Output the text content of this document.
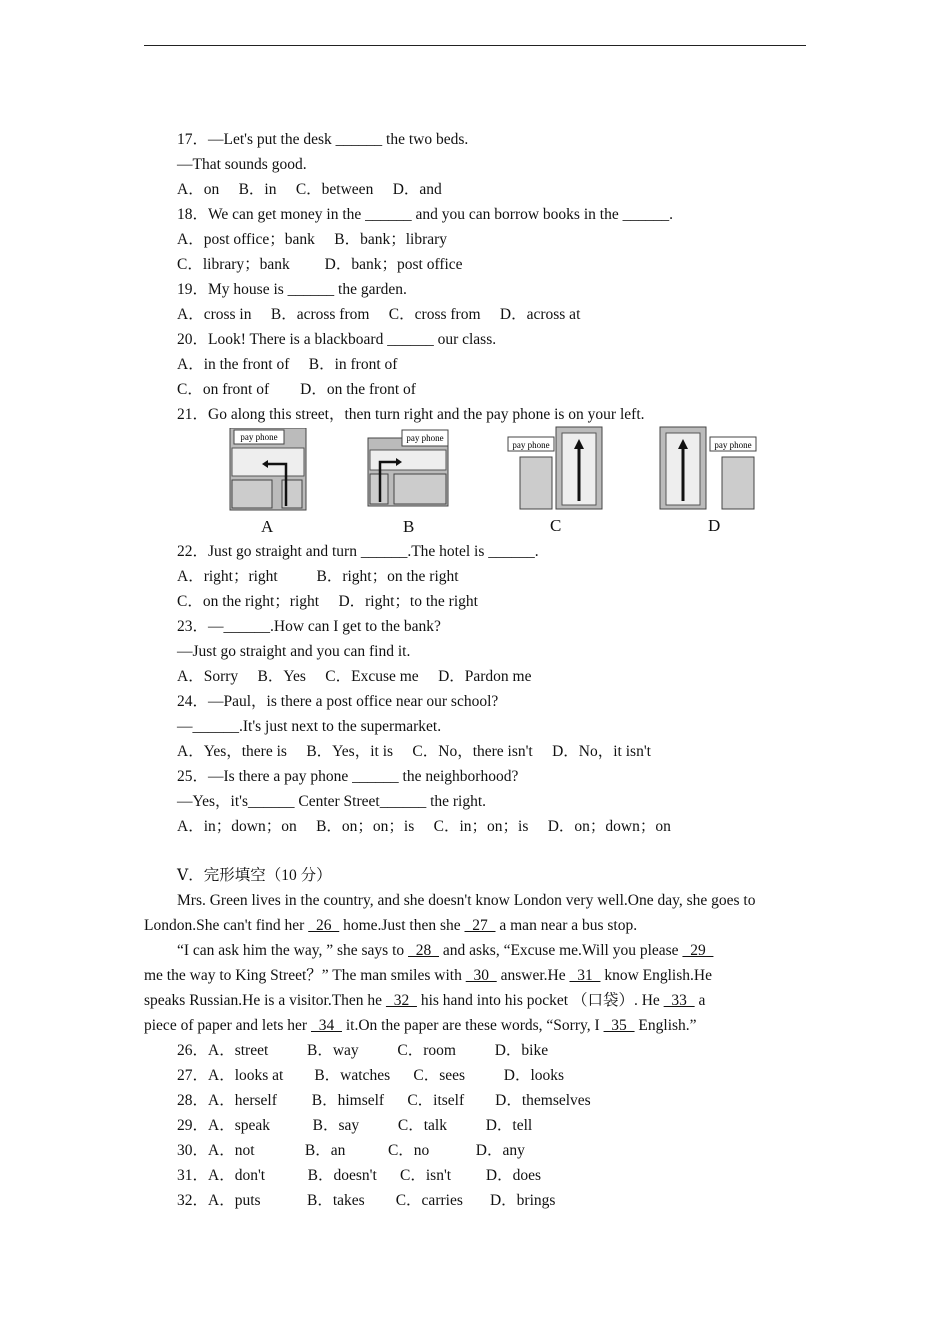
17．—Let's put the desk ______ the two beds.
—That sounds good.
A．on     B．in     C．between     D．and
18．We can get money in the ______ and you can borrow books in the ______.
A．post office；bank     B．bank；library
C．library；bank         D．bank；post office
19．My house is ______ the garden.
A．cross in     B．across from     C．cross from     D．across at
20．Look! There is a blackboard ______ our class.
A．in the front of     B．in front of
C．on front of        D．on the front of
21．Go along this street，then turn right and the pay phone is on your left.
pay phone
A
pay phone
B
pay phone
C
pay phone
D
22．Just go straight and turn ______.The hotel is ______.
A．right；right          B．right；on the right
C．on the right；right     D．right；to the right
23．—______.How can I get to the bank?
—Just go straight and you can find it.
A．Sorry     B．Yes     C．Excuse me     D．Pardon me
24．—Paul，is there a post office near our school?
—______.It's just next to the supermarket.
A．Yes，there is     B．Yes，it is     C．No，there isn't     D．No，it isn't
25．—Is there a pay phone ______ the neighborhood?
—Yes，it's______ Center Street______ the right.
A．in；down；on     B．on；on；is     C．in；on；is     D．on；down；on
Ⅴ．完形填空（10 分）
Mrs. Green lives in the country, and she doesn't know London very well.One day, she goes to
London.She can't find her   26   home.Just then she   27   a man near a bus stop.
“I can ask him the way, ” she says to   28   and asks, “Excuse me.Will you please   29
me the way to King Street？” The man smiles with   30   answer.He   31   know English.He
speaks Russian.He is a visitor.Then he   32   his hand into his pocket （口袋）. He   33   a
piece of paper and lets her   34   it.On the paper are these words, “Sorry, I   35   English.”
26．A．street          B．way          C．room          D．bike
27．A．looks at        B．watches      C．sees          D．looks
28．A．herself         B．himself      C．itself        D．themselves
29．A．speak           B．say          C．talk          D．tell
30．A．not             B．an           C．no            D．any
31．A．don't           B．doesn't      C．isn't         D．does
32．A．puts            B．takes        C．carries       D．brings
